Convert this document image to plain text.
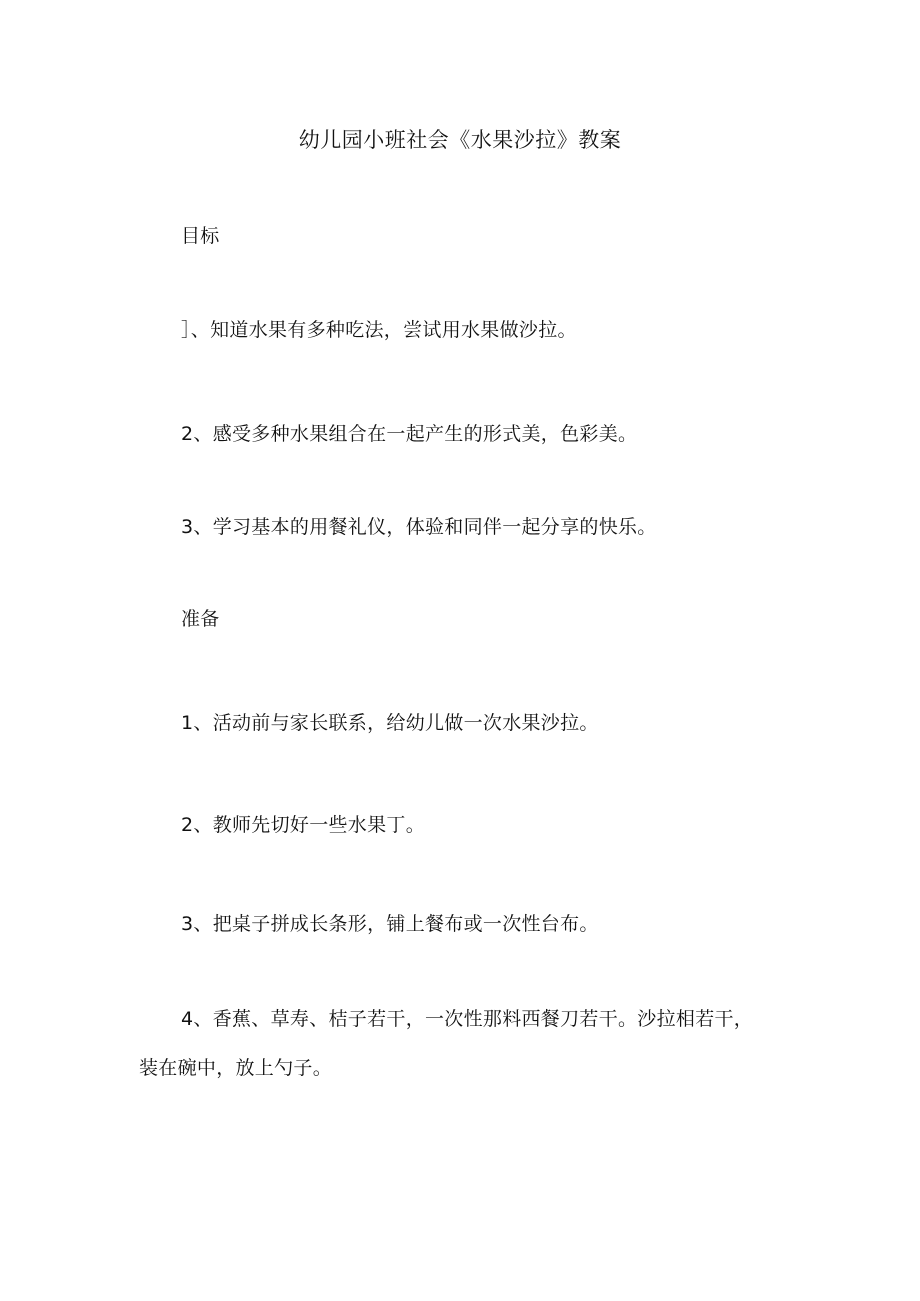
幼儿园小班社会《水果沙拉》教案
目标
］、知道水果有多种吃法，尝试用水果做沙拉。
2、感受多种水果组合在一起产生的形式美，色彩美。
3、学习基本的用餐礼仪，体验和同伴一起分享的快乐。
准备
1、活动前与家长联系，给幼儿做一次水果沙拉。
2、教师先切好一些水果丁。
3、把桌子拼成长条形，铺上餐布或一次性台布。
4、香蕉、草寿、桔子若干，一次性那料西餐刀若干。沙拉相若干，
装在碗中，放上勺子。
